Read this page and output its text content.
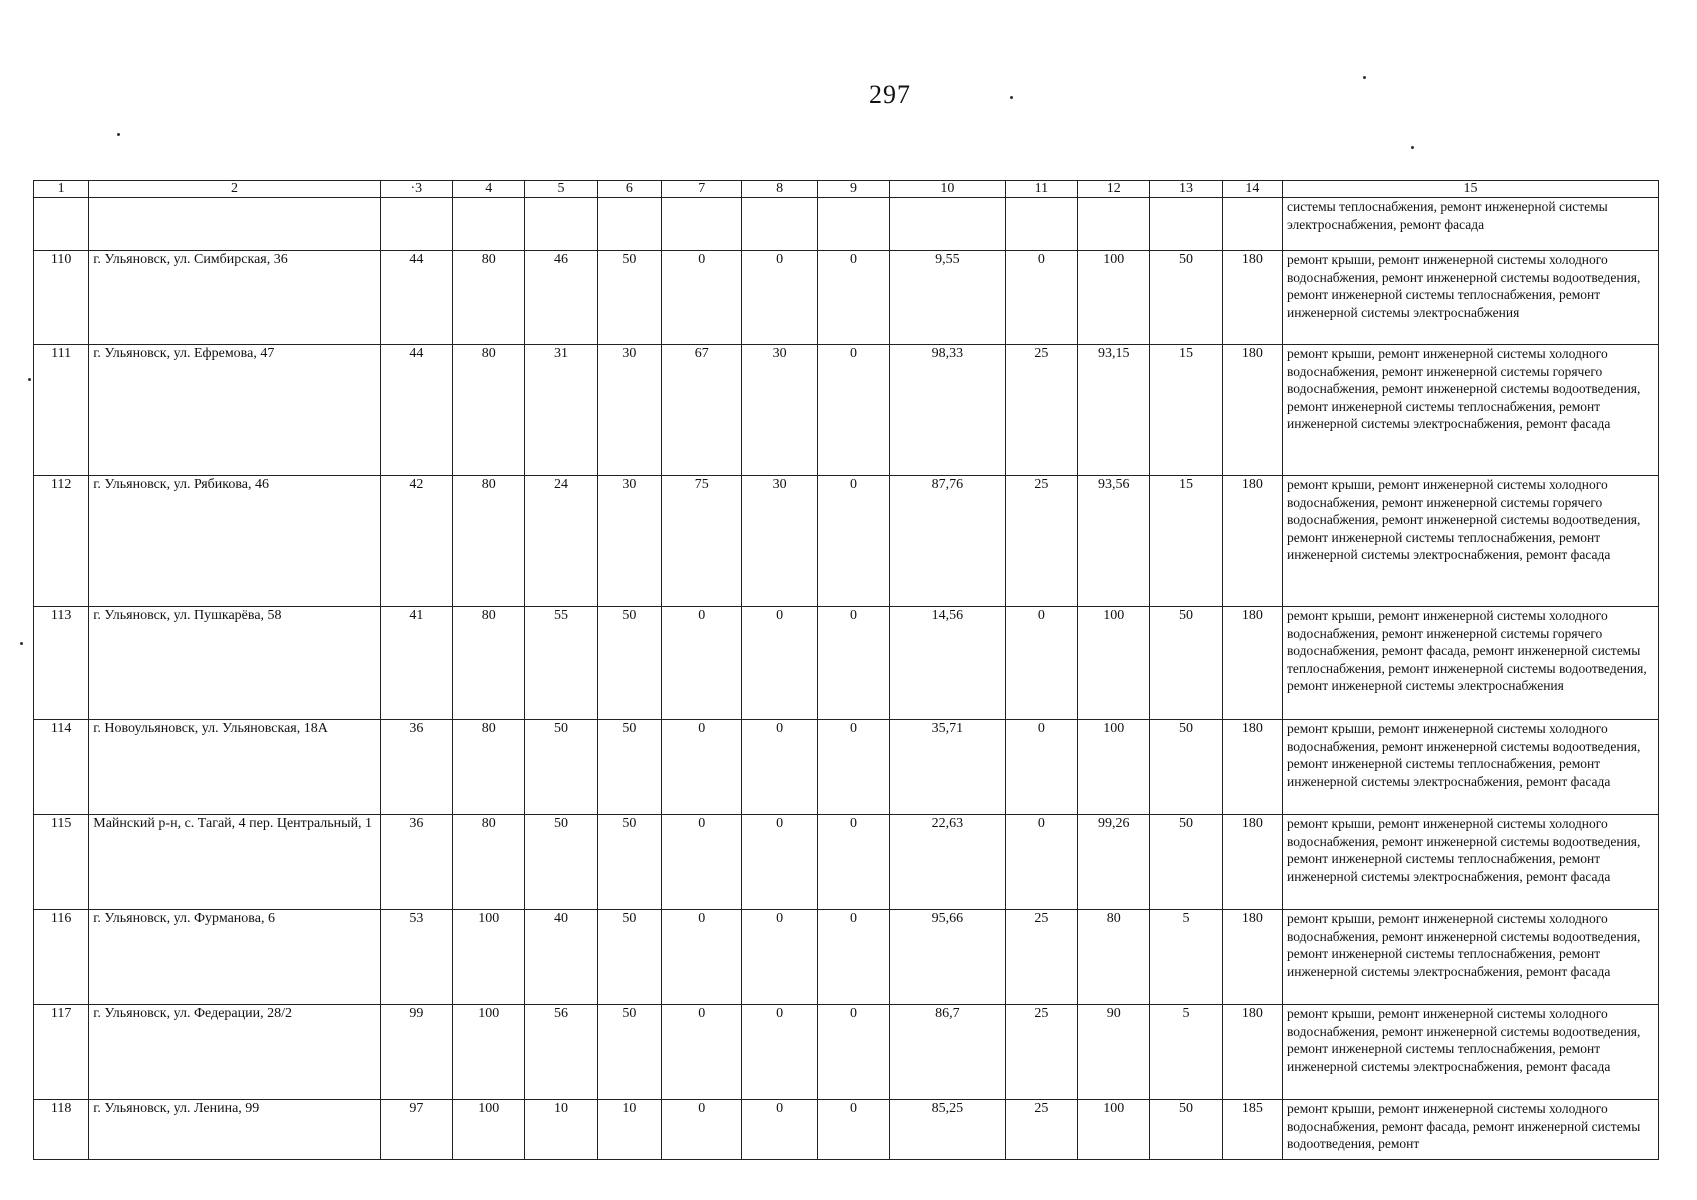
297
1	2	·3	4	5	6	7	8	9	10	11	12	13	14	15
														системы теплоснабжения, ремонт инженерной системы электроснабжения, ремонт фасада
110	г. Ульяновск, ул. Симбирская, 36	44	80	46	50	0	0	0	9,55	0	100	50	180	ремонт крыши, ремонт инженерной системы холодного водоснабжения, ремонт инженерной системы водоотведения, ремонт инженерной системы теплоснабжения, ремонт инженерной системы электроснабжения
111	г. Ульяновск, ул. Ефремова, 47	44	80	31	30	67	30	0	98,33	25	93,15	15	180	ремонт крыши, ремонт инженерной системы холодного водоснабжения, ремонт инженерной системы горячего водоснабжения, ремонт инженерной системы водоотведения, ремонт инженерной системы теплоснабжения, ремонт инженерной системы электроснабжения, ремонт фасада
112	г. Ульяновск, ул. Рябикова, 46	42	80	24	30	75	30	0	87,76	25	93,56	15	180	ремонт крыши, ремонт инженерной системы холодного водоснабжения, ремонт инженерной системы горячего водоснабжения, ремонт инженерной системы водоотведения, ремонт инженерной системы теплоснабжения, ремонт инженерной системы электроснабжения, ремонт фасада
113	г. Ульяновск, ул. Пушкарёва, 58	41	80	55	50	0	0	0	14,56	0	100	50	180	ремонт крыши, ремонт инженерной системы холодного водоснабжения, ремонт инженерной системы горячего водоснабжения, ремонт фасада, ремонт инженерной системы теплоснабжения, ремонт инженерной системы водоотведения, ремонт инженерной системы электроснабжения
114	г. Новоульяновск, ул. Ульяновская, 18А	36	80	50	50	0	0	0	35,71	0	100	50	180	ремонт крыши, ремонт инженерной системы холодного водоснабжения, ремонт инженерной системы водоотведения, ремонт инженерной системы теплоснабжения, ремонт инженерной системы электроснабжения, ремонт фасада
115	Майнский р-н, с. Тагай, 4 пер. Центральный, 1	36	80	50	50	0	0	0	22,63	0	99,26	50	180	ремонт крыши, ремонт инженерной системы холодного водоснабжения, ремонт инженерной системы водоотведения, ремонт инженерной системы теплоснабжения, ремонт инженерной системы электроснабжения, ремонт фасада
116	г. Ульяновск, ул. Фурманова, 6	53	100	40	50	0	0	0	95,66	25	80	5	180	ремонт крыши, ремонт инженерной системы холодного водоснабжения, ремонт инженерной системы водоотведения, ремонт инженерной системы теплоснабжения, ремонт инженерной системы электроснабжения, ремонт фасада
117	г. Ульяновск, ул. Федерации, 28/2	99	100	56	50	0	0	0	86,7	25	90	5	180	ремонт крыши, ремонт инженерной системы холодного водоснабжения, ремонт инженерной системы водоотведения, ремонт инженерной системы теплоснабжения, ремонт инженерной системы электроснабжения, ремонт фасада
118	г. Ульяновск, ул. Ленина, 99	97	100	10	10	0	0	0	85,25	25	100	50	185	ремонт крыши, ремонт инженерной системы холодного водоснабжения, ремонт фасада, ремонт инженерной системы водоотведения, ремонт
